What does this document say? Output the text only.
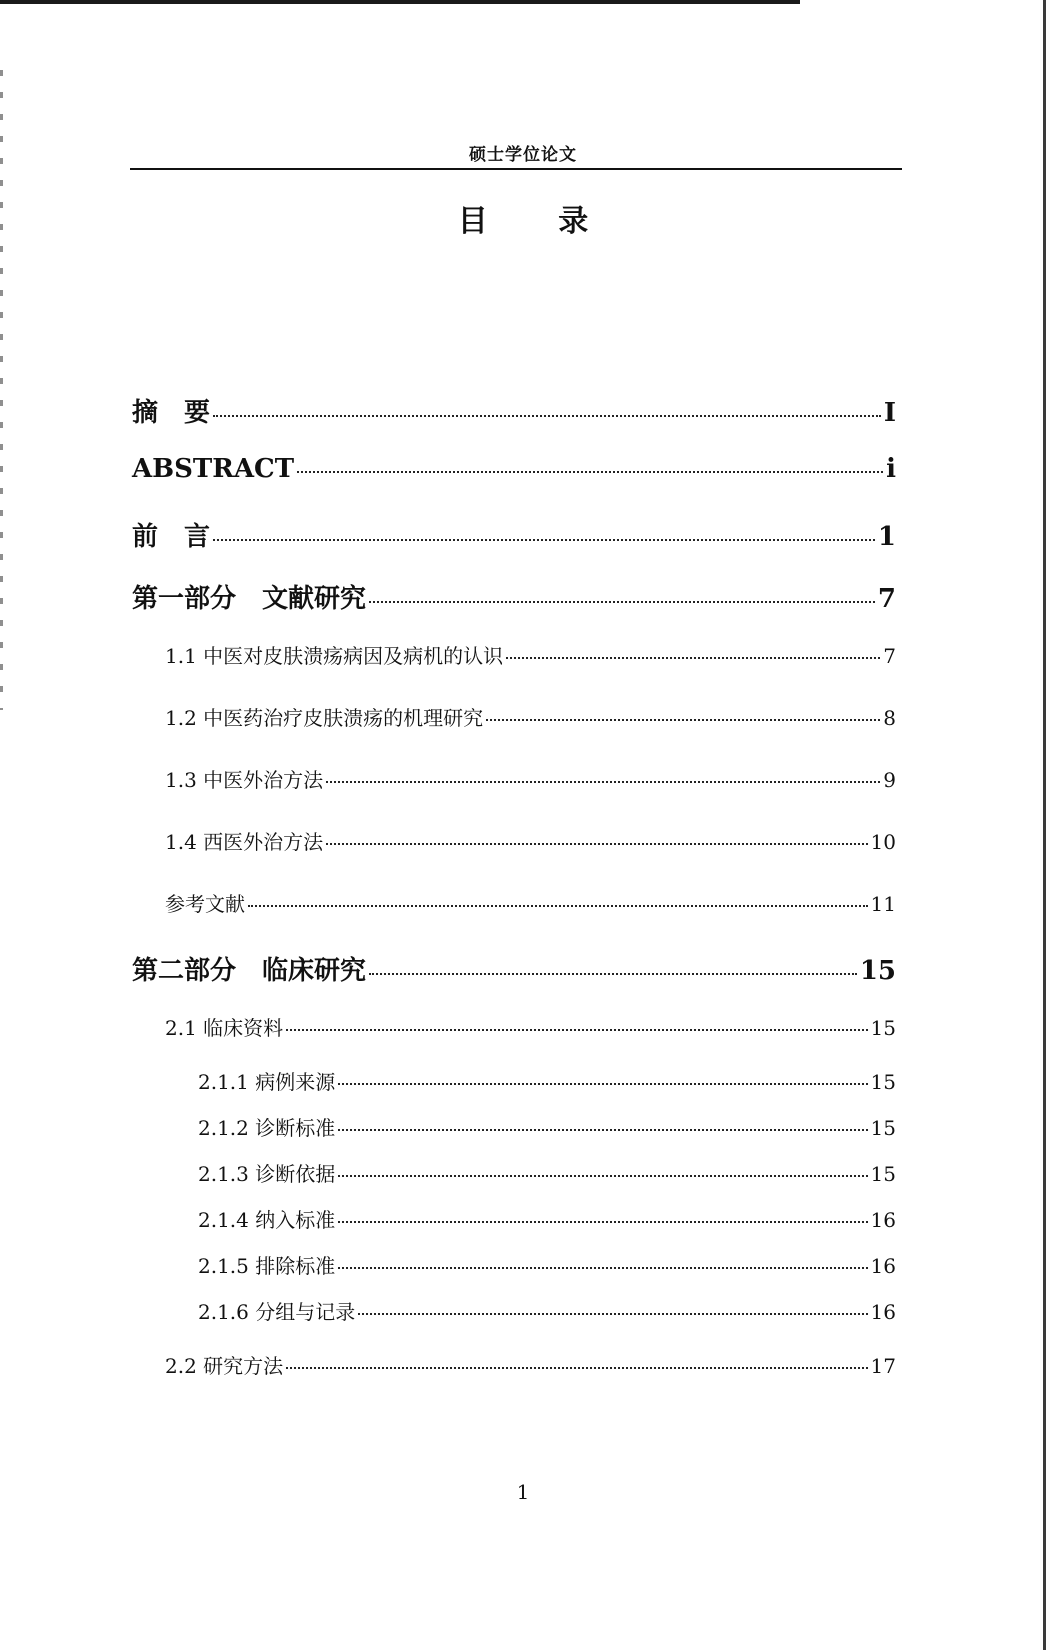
硕士学位论文
目 录
摘　要	I
ABSTRACT	i
前　言	1
第一部分　文献研究	7
1.1 中医对皮肤溃疡病因及病机的认识	7
1.2 中医药治疗皮肤溃疡的机理研究	8
1.3 中医外治方法	9
1.4 西医外治方法	10
参考文献	11
第二部分　临床研究	15
2.1 临床资料	15
2.1.1 病例来源	15
2.1.2 诊断标准	15
2.1.3 诊断依据	15
2.1.4 纳入标准	16
2.1.5 排除标准	16
2.1.6 分组与记录	16
2.2 研究方法	17
1
